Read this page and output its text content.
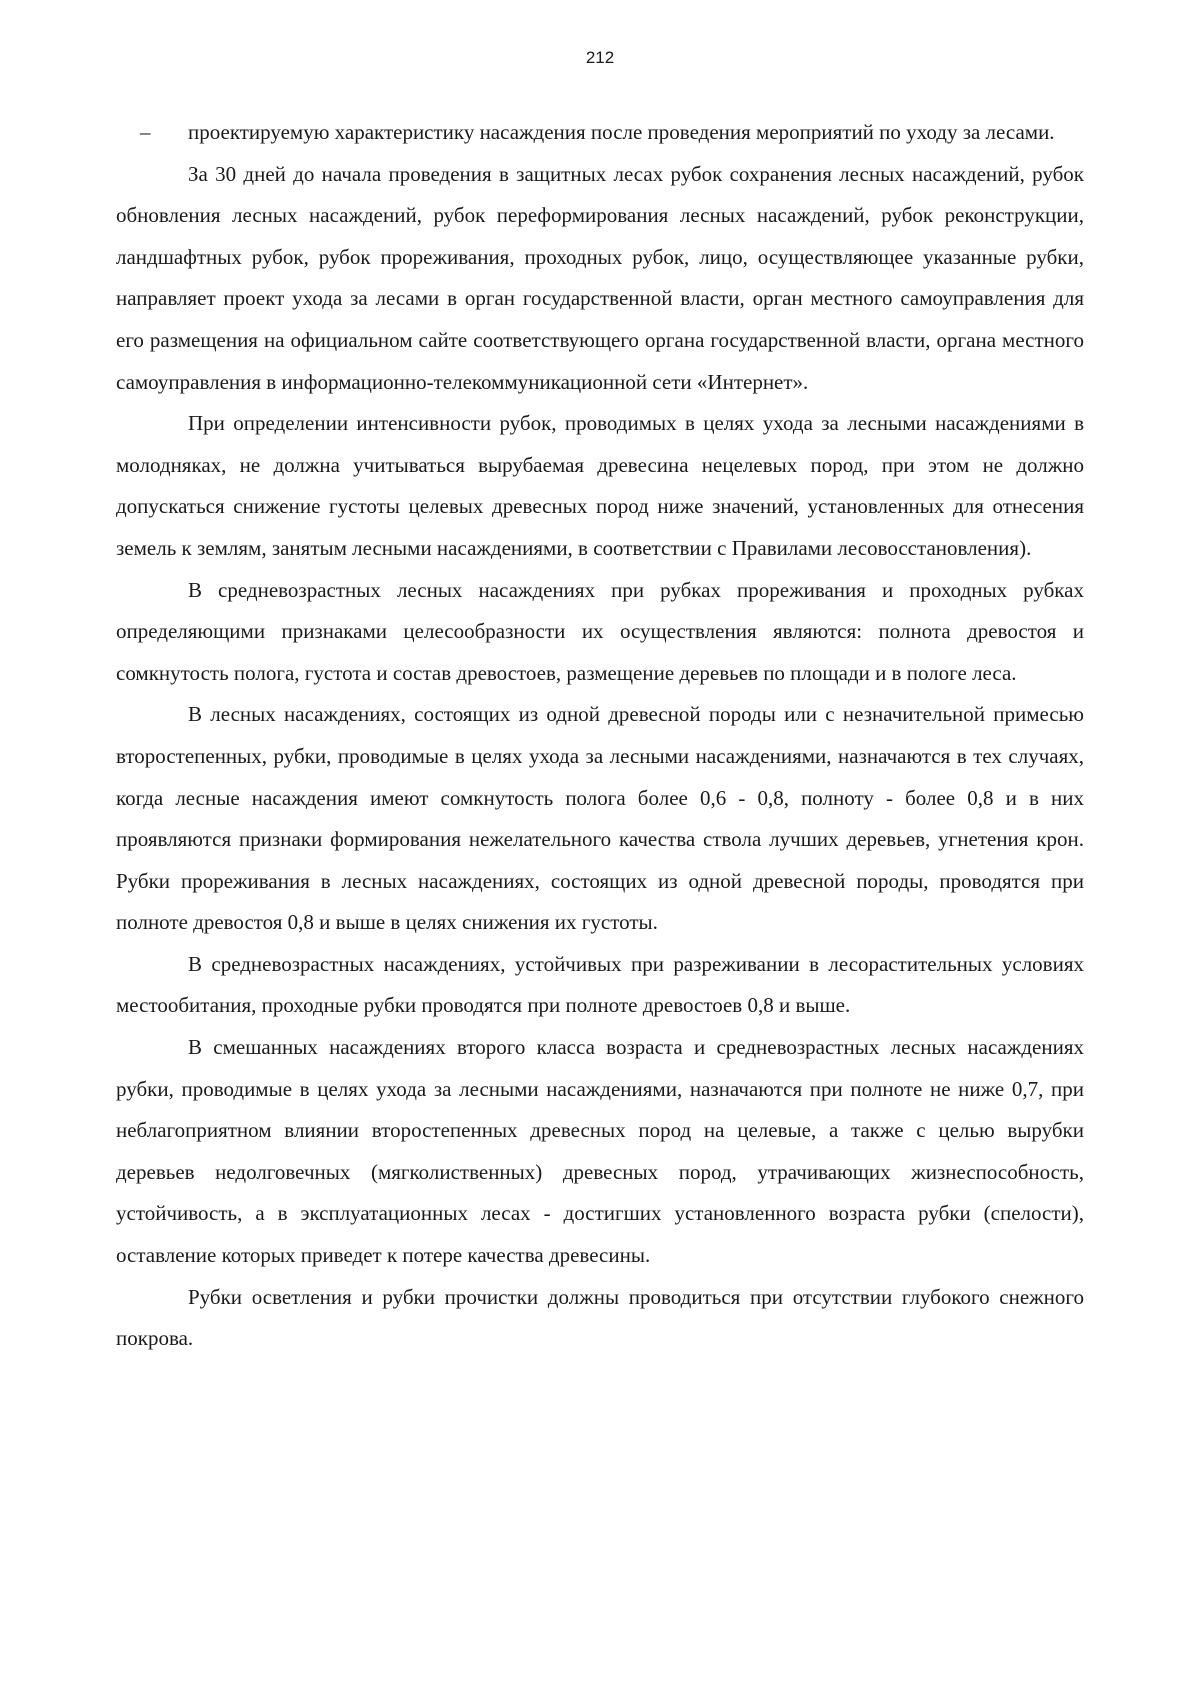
212

– проектируемую характеристику насаждения после проведения мероприятий по уходу за лесами.

За 30 дней до начала проведения в защитных лесах рубок сохранения лесных насаждений, рубок обновления лесных насаждений, рубок переформирования лесных насаждений, рубок реконструкции, ландшафтных рубок, рубок прореживания, проходных рубок, лицо, осуществляющее указанные рубки, направляет проект ухода за лесами в орган государственной власти, орган местного самоуправления для его размещения на официальном сайте соответствующего органа государственной власти, органа местного самоуправления в информационно-телекоммуникационной сети «Интернет».

При определении интенсивности рубок, проводимых в целях ухода за лесными насаждениями в молодняках, не должна учитываться вырубаемая древесина нецелевых пород, при этом не должно допускаться снижение густоты целевых древесных пород ниже значений, установленных для отнесения земель к землям, занятым лесными насаждениями, в соответствии с Правилами лесовосстановления).

В средневозрастных лесных насаждениях при рубках прореживания и проходных рубках определяющими признаками целесообразности их осуществления являются: полнота древостоя и сомкнутость полога, густота и состав древостоев, размещение деревьев по площади и в пологе леса.

В лесных насаждениях, состоящих из одной древесной породы или с незначительной примесью второстепенных, рубки, проводимые в целях ухода за лесными насаждениями, назначаются в тех случаях, когда лесные насаждения имеют сомкнутость полога более 0,6 - 0,8, полноту - более 0,8 и в них проявляются признаки формирования нежелательного качества ствола лучших деревьев, угнетения крон. Рубки прореживания в лесных насаждениях, состоящих из одной древесной породы, проводятся при полноте древостоя 0,8 и выше в целях снижения их густоты.

В средневозрастных насаждениях, устойчивых при разреживании в лесорастительных условиях местообитания, проходные рубки проводятся при полноте древостоев 0,8 и выше.

В смешанных насаждениях второго класса возраста и средневозрастных лесных насаждениях рубки, проводимые в целях ухода за лесными насаждениями, назначаются при полноте не ниже 0,7, при неблагоприятном влиянии второстепенных древесных пород на целевые, а также с целью вырубки деревьев недолговечных (мягколиственных) древесных пород, утрачивающих жизнеспособность, устойчивость, а в эксплуатационных лесах - достигших установленного возраста рубки (спелости), оставление которых приведет к потере качества древесины.

Рубки осветления и рубки прочистки должны проводиться при отсутствии глубокого снежного покрова.
